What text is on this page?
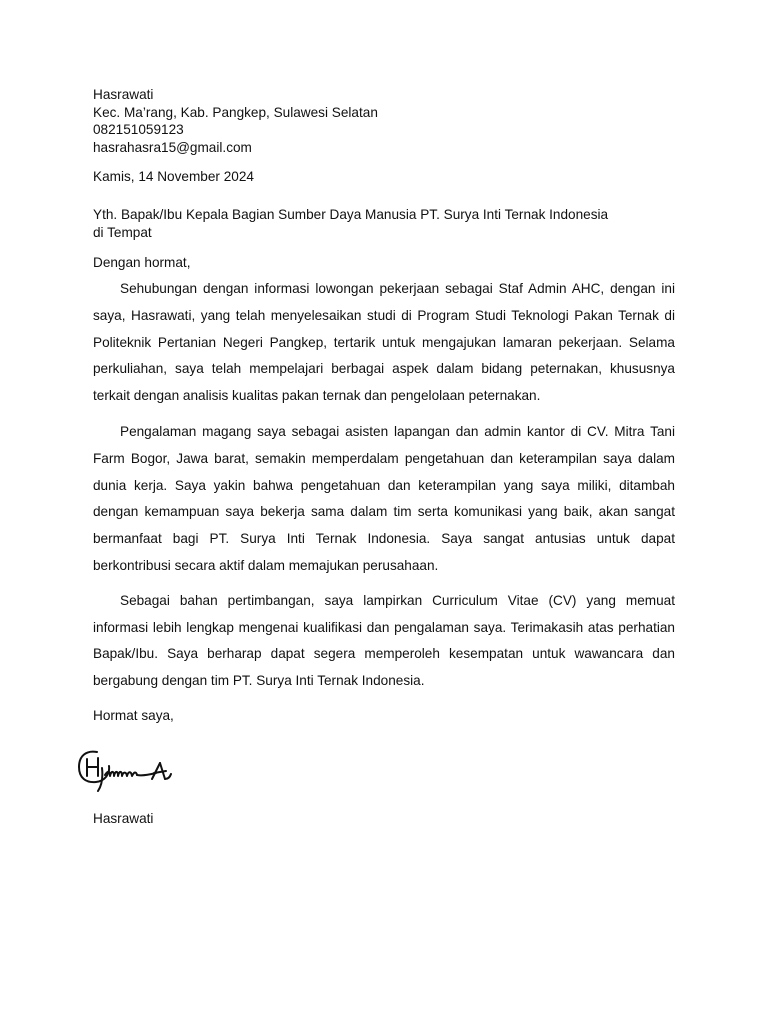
Hasrawati
Kec. Ma’rang, Kab. Pangkep, Sulawesi Selatan
082151059123
hasrahasra15@gmail.com
Kamis, 14 November 2024
Yth. Bapak/Ibu Kepala Bagian Sumber Daya Manusia PT. Surya Inti Ternak Indonesia
di Tempat
Dengan hormat,

Sehubungan dengan informasi lowongan pekerjaan sebagai Staf Admin AHC, dengan ini saya, Hasrawati, yang telah menyelesaikan studi di Program Studi Teknologi Pakan Ternak di Politeknik Pertanian Negeri Pangkep, tertarik untuk mengajukan lamaran pekerjaan. Selama perkuliahan, saya telah mempelajari berbagai aspek dalam bidang peternakan, khususnya terkait dengan analisis kualitas pakan ternak dan pengelolaan peternakan.

Pengalaman magang saya sebagai asisten lapangan dan admin kantor di CV. Mitra Tani Farm Bogor, Jawa barat, semakin memperdalam pengetahuan dan keterampilan saya dalam dunia kerja. Saya yakin bahwa pengetahuan dan keterampilan yang saya miliki, ditambah dengan kemampuan saya bekerja sama dalam tim serta komunikasi yang baik, akan sangat bermanfaat bagi PT. Surya Inti Ternak Indonesia. Saya sangat antusias untuk dapat berkontribusi secara aktif dalam memajukan perusahaan.

Sebagai bahan pertimbangan, saya lampirkan Curriculum Vitae (CV) yang memuat informasi lebih lengkap mengenai kualifikasi dan pengalaman saya. Terimakasih atas perhatian Bapak/Ibu. Saya berharap dapat segera memperoleh kesempatan untuk wawancara dan bergabung dengan tim PT. Surya Inti Ternak Indonesia.

Hormat saya,
Hasrawati
